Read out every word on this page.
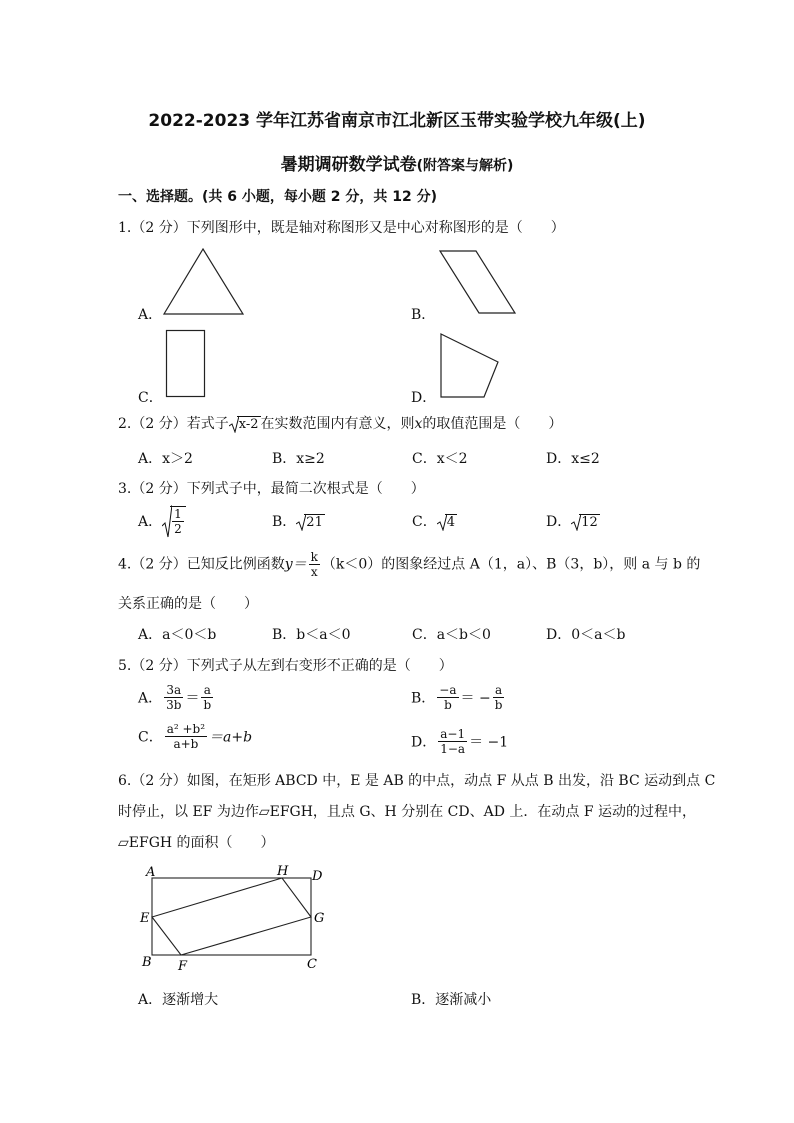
2022-2023 学年江苏省南京市江北新区玉带实验学校九年级(上)
暑期调研数学试卷(附答案与解析)
一、选择题。(共 6 小题，每小题 2 分，共 12 分)
1.（2 分）下列图形中，既是轴对称图形又是中心对称图形的是（　　）
A．	B．
C．	D．
2.（2 分）若式子 x-2 在实数范围内有意义，则x的取值范围是（　　）
A．x＞2	B．x≥2	C．x＜2	D．x≤2
3.（2 分）下列式子中，最简二次根式是（　　）
A． $\frac{1}{2}$	B． 21	C． 4	D． 12
4.（2 分）已知反比例函数$y= \frac{k}{x} (k<0)$的图象经过点 A（1，a）、B（3，b），则 a 与 b 的
关系正确的是（　　）
A．a＜0＜b	B．b＜a＜0	C．a＜b＜0	D．0＜a＜b
5.（2 分）下列式子从左到右变形不正确的是（　　）
A． $\frac{3a}{3b} = \frac{a}{b}$	B． $\frac{-a}{b}$ ＝ − $\frac{a}{b}$
C． $\frac{\text{a² +b²}}{a+b} =a+b$	D． $\frac{a-1}{1-a} = -1$
6.（2 分）如图，在矩形 ABCD 中，E 是 AB 的中点，动点 F 从点 B 出发，沿 BC 运动到点 C
时停止，以 EF 为边作▱EFGH，且点 G、H 分别在 CD、AD 上．在动点 F 运动的过程中，
▱EFGH 的面积（　　）
A
B	C
D
E
F
G
H
A．逐渐增大	B．逐渐减小
